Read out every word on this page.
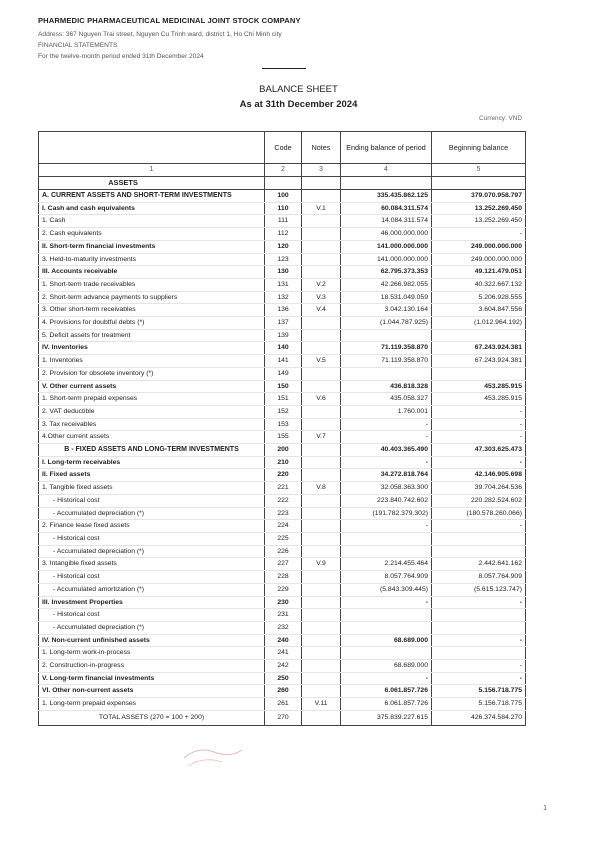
PHARMEDIC PHARMACEUTICAL MEDICINAL JOINT STOCK COMPANY
Address: 367 Nguyen Trai street, Nguyen Cu Trinh ward, district 1, Ho Chi Minh city
FINANCIAL STATEMENTS
For the twelve-month period ended 31th December 2024
BALANCE SHEET
As at 31th December 2024
Currency: VND
	Code	Notes	Ending balance of period	Beginning balance
1	2	3	4	5
ASSETS				
A. CURRENT ASSETS AND SHORT-TERM INVESTMENTS	100		335.435.862.125	379.070.958.797
I. Cash and cash equivalents	110	V.1	60.084.311.574	13.252.269.450
1. Cash	111		14.084.311.574	13.252.269.450
2. Cash equivalents	112		46.000.000.000	-
II. Short-term financial investments	120		141.000.000.000	249.000.000.000
3. Held-to-maturity investments	123		141.000.000.000	249.000.000.000
III. Accounts receivable	130		62.795.373.353	49.121.479.051
1. Short-term trade receivables	131	V.2	42.266.982.055	40.322.667.132
2. Short-term advance payments to suppliers	132	V.3	18.531.049.059	5.206.928.555
3. Other short-term receivables	136	V.4	3.042.130.164	3.604.847.556
4. Provisions for doubtful debts (*)	137		(1.044.787.925)	(1.012.964.192)
5. Deficit assets for treatment	139			
IV. Inventories	140		71.119.358.870	67.243.924.381
1. Inventories	141	V.5	71.119.358.870	67.243.924.381
2. Provision for obsolete inventory (*)	149			
V. Other current assets	150		436.818.328	453.285.915
1. Short-term prepaid expenses	151	V.6	435.058.327	453.285.915
2. VAT deductible	152		1.760.001	-
3. Tax receivables	153		-	-
4.Other current assets	155	V.7	-	-
B - FIXED ASSETS AND LONG-TERM INVESTMENTS	200		40.403.365.490	47.303.625.473
I. Long-term receivables	210		-	-
II. Fixed assets	220		34.272.818.764	42.146.905.698
1. Tangible fixed assets	221	V.8	32.058.363.300	39.704.264.536
- Historical cost	222		223.840.742.602	220.282.524.602
- Accumulated depreciation (*)	223		(191.782.379.302)	(180.578.260.066)
2. Finance lease fixed assets	224		-	-
- Historical cost	225			
- Accumulated depreciation (*)	226			
3. Intangible fixed assets	227	V.9	2.214.455.464	2.442.641.162
- Historical cost	228		8.057.764.909	8.057.764.909
- Accumulated amortization (*)	229		(5.843.309.445)	(5.615.123.747)
III. Investment Properties	230		-	-
- Historical cost	231			
- Accumulated depreciation (*)	232			
IV. Non-current unfinished assets	240		68.689.000	-
1. Long-term work-in-process	241			
2. Construction-in-progress	242		68.689.000	-
V. Long-term financial investments	250		-	-
VI. Other non-current assets	260		6.061.857.726	5.156.718.775
1. Long-term prepaid expenses	261	V.11	6.061.857.726	5.156.718.775
TOTAL ASSETS (270 = 100 + 200)	270		375.839.227.615	426.374.584.270
1
